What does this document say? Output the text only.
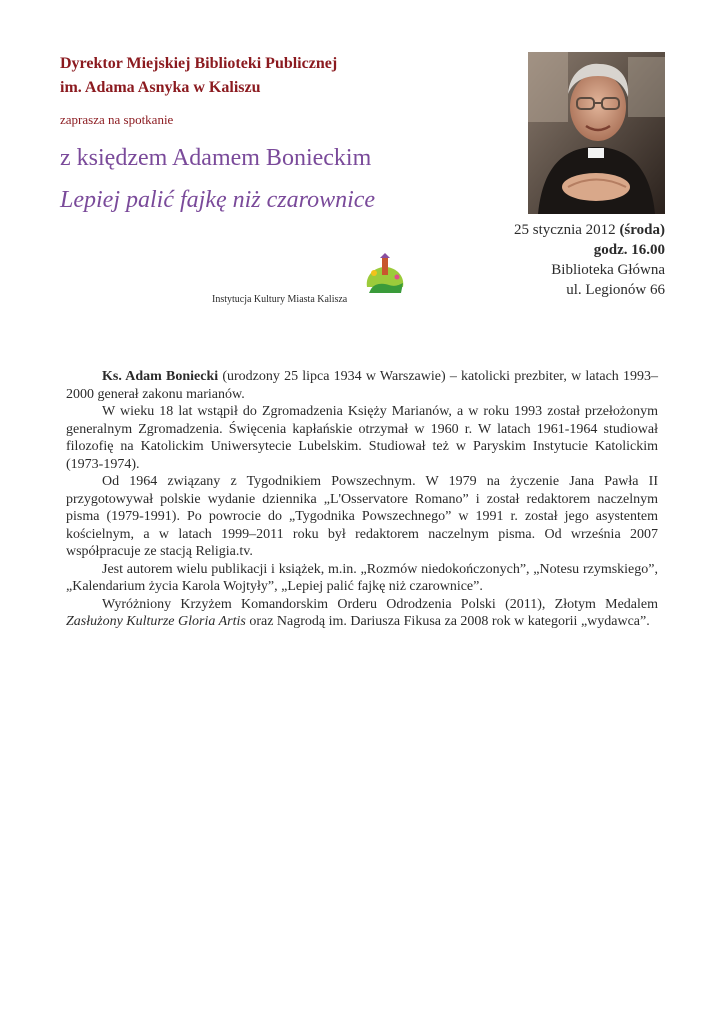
Dyrektor Miejskiej Biblioteki Publicznej
im. Adama Asnyka w Kaliszu
zaprasza na spotkanie
z księdzem Adamem Bonieckim
Lepiej palić fajkę niż czarownice
25 stycznia 2012 (środa)
godz. 16.00
Biblioteka Główna
ul. Legionów 66
Instytucja Kultury Miasta Kalisza

Ks. Adam Boniecki (urodzony 25 lipca 1934 w Warszawie) – katolicki prezbiter, w latach 1993–2000 generał zakonu marianów.

W wieku 18 lat wstąpił do Zgromadzenia Księży Marianów, a w roku 1993 został przełożonym generalnym Zgromadzenia. Święcenia kapłańskie otrzymał w 1960 r. W latach 1961-1964 studiował filozofię na Katolickim Uniwersytecie Lubelskim. Studiował też w Paryskim Instytucie Katolickim (1973-1974).

Od 1964 związany z Tygodnikiem Powszechnym. W 1979 na życzenie Jana Pawła II przygotowywał polskie wydanie dziennika „L'Osservatore Romano” i został redaktorem naczelnym pisma (1979-1991). Po powrocie do „Tygodnika Powszechnego” w 1991 r. został jego asystentem kościelnym, a w latach 1999–2011 roku był redaktorem naczelnym pisma. Od września 2007 współpracuje ze stacją Religia.tv.

Jest autorem wielu publikacji i książek, m.in. „Rozmów niedokończonych”, „Notesu rzymskiego”, „Kalendarium życia Karola Wojtyły”, „Lepiej palić fajkę niż czarownice”.

Wyróżniony Krzyżem Komandorskim Orderu Odrodzenia Polski (2011), Złotym Medalem Zasłużony Kulturze Gloria Artis oraz Nagrodą im. Dariusza Fikusa za 2008 rok w kategorii „wydawca”.
